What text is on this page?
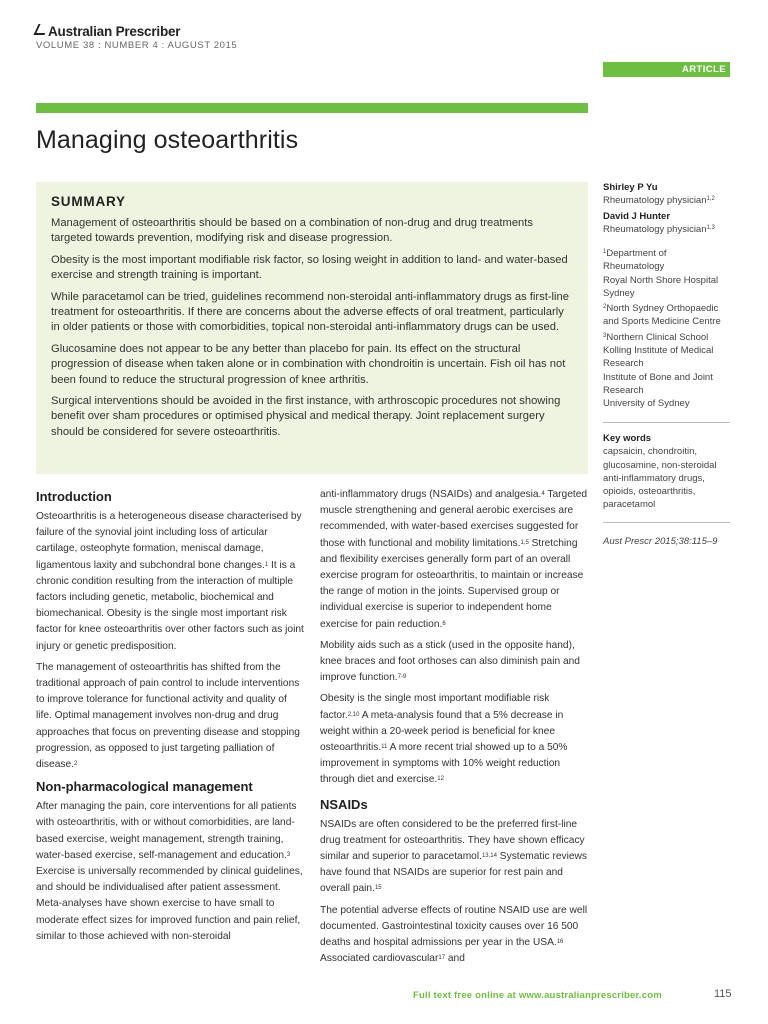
Australian Prescriber
VOLUME 38 : NUMBER 4 : AUGUST 2015
ARTICLE
Managing osteoarthritis
SUMMARY

Management of osteoarthritis should be based on a combination of non-drug and drug treatments targeted towards prevention, modifying risk and disease progression.

Obesity is the most important modifiable risk factor, so losing weight in addition to land- and water-based exercise and strength training is important.

While paracetamol can be tried, guidelines recommend non-steroidal anti-inflammatory drugs as first-line treatment for osteoarthritis. If there are concerns about the adverse effects of oral treatment, particularly in older patients or those with comorbidities, topical non-steroidal anti-inflammatory drugs can be used.

Glucosamine does not appear to be any better than placebo for pain. Its effect on the structural progression of disease when taken alone or in combination with chondroitin is uncertain. Fish oil has not been found to reduce the structural progression of knee arthritis.

Surgical interventions should be avoided in the first instance, with arthroscopic procedures not showing benefit over sham procedures or optimised physical and medical therapy. Joint replacement surgery should be considered for severe osteoarthritis.

Shirley P Yu
Rheumatology physician$^{1,2}$
David J Hunter
Rheumatology physician$^{1,3}$
$^1$Department of
Rheumatology
Royal North Shore Hospital
Sydney
$^2$North Sydney Orthopaedic
and Sports Medicine Centre
$^3$Northern Clinical School
Kolling Institute of Medical
Research
Institute of Bone and Joint
Research
University of Sydney
Key words
capsaicin, chondroitin,
glucosamine, non-steroidal
anti-inflammatory drugs,
opioids, osteoarthritis,
paracetamol
Aust Prescr 2015;38:115–9
Introduction

Osteoarthritis is a heterogeneous disease characterised by failure of the synovial joint including loss of articular cartilage, osteophyte formation, meniscal damage, ligamentous laxity and subchondral bone changes.$^1$ It is a chronic condition resulting from the interaction of multiple factors including genetic, metabolic, biochemical and biomechanical. Obesity is the single most important risk factor for knee osteoarthritis over other factors such as joint injury or genetic predisposition.

The management of osteoarthritis has shifted from the traditional approach of pain control to include interventions to improve tolerance for functional activity and quality of life. Optimal management involves non-drug and drug approaches that focus on preventing disease and stopping progression, as opposed to just targeting palliation of disease.$^2$

Non-pharmacological management

After managing the pain, core interventions for all patients with osteoarthritis, with or without comorbidities, are land-based exercise, weight management, strength training, water-based exercise, self-management and education.$^3$ Exercise is universally recommended by clinical guidelines, and should be individualised after patient assessment. Meta-analyses have shown exercise to have small to moderate effect sizes for improved function and pain relief, similar to those achieved with non-steroidal

anti-inflammatory drugs (NSAIDs) and analgesia.$^4$ Targeted muscle strengthening and general aerobic exercises are recommended, with water-based exercises suggested for those with functional and mobility limitations.$^{1,5}$ Stretching and flexibility exercises generally form part of an overall exercise program for osteoarthritis, to maintain or increase the range of motion in the joints. Supervised group or individual exercise is superior to independent home exercise for pain reduction.$^6$

Mobility aids such as a stick (used in the opposite hand), knee braces and foot orthoses can also diminish pain and improve function.$^{7-9}$

Obesity is the single most important modifiable risk factor.$^{2,10}$ A meta-analysis found that a 5% decrease in weight within a 20-week period is beneficial for knee osteoarthritis.$^{11}$ A more recent trial showed up to a 50% improvement in symptoms with 10% weight reduction through diet and exercise.$^{12}$

NSAIDs

NSAIDs are often considered to be the preferred first-line drug treatment for osteoarthritis. They have shown efficacy similar and superior to paracetamol.$^{13,14}$ Systematic reviews have found that NSAIDs are superior for rest pain and overall pain.$^{15}$

The potential adverse effects of routine NSAID use are well documented. Gastrointestinal toxicity causes over 16 500 deaths and hospital admissions per year in the USA.$^{16}$ Associated cardiovascular$^{17}$ and

Full text free online at www.australianprescriber.com	115
